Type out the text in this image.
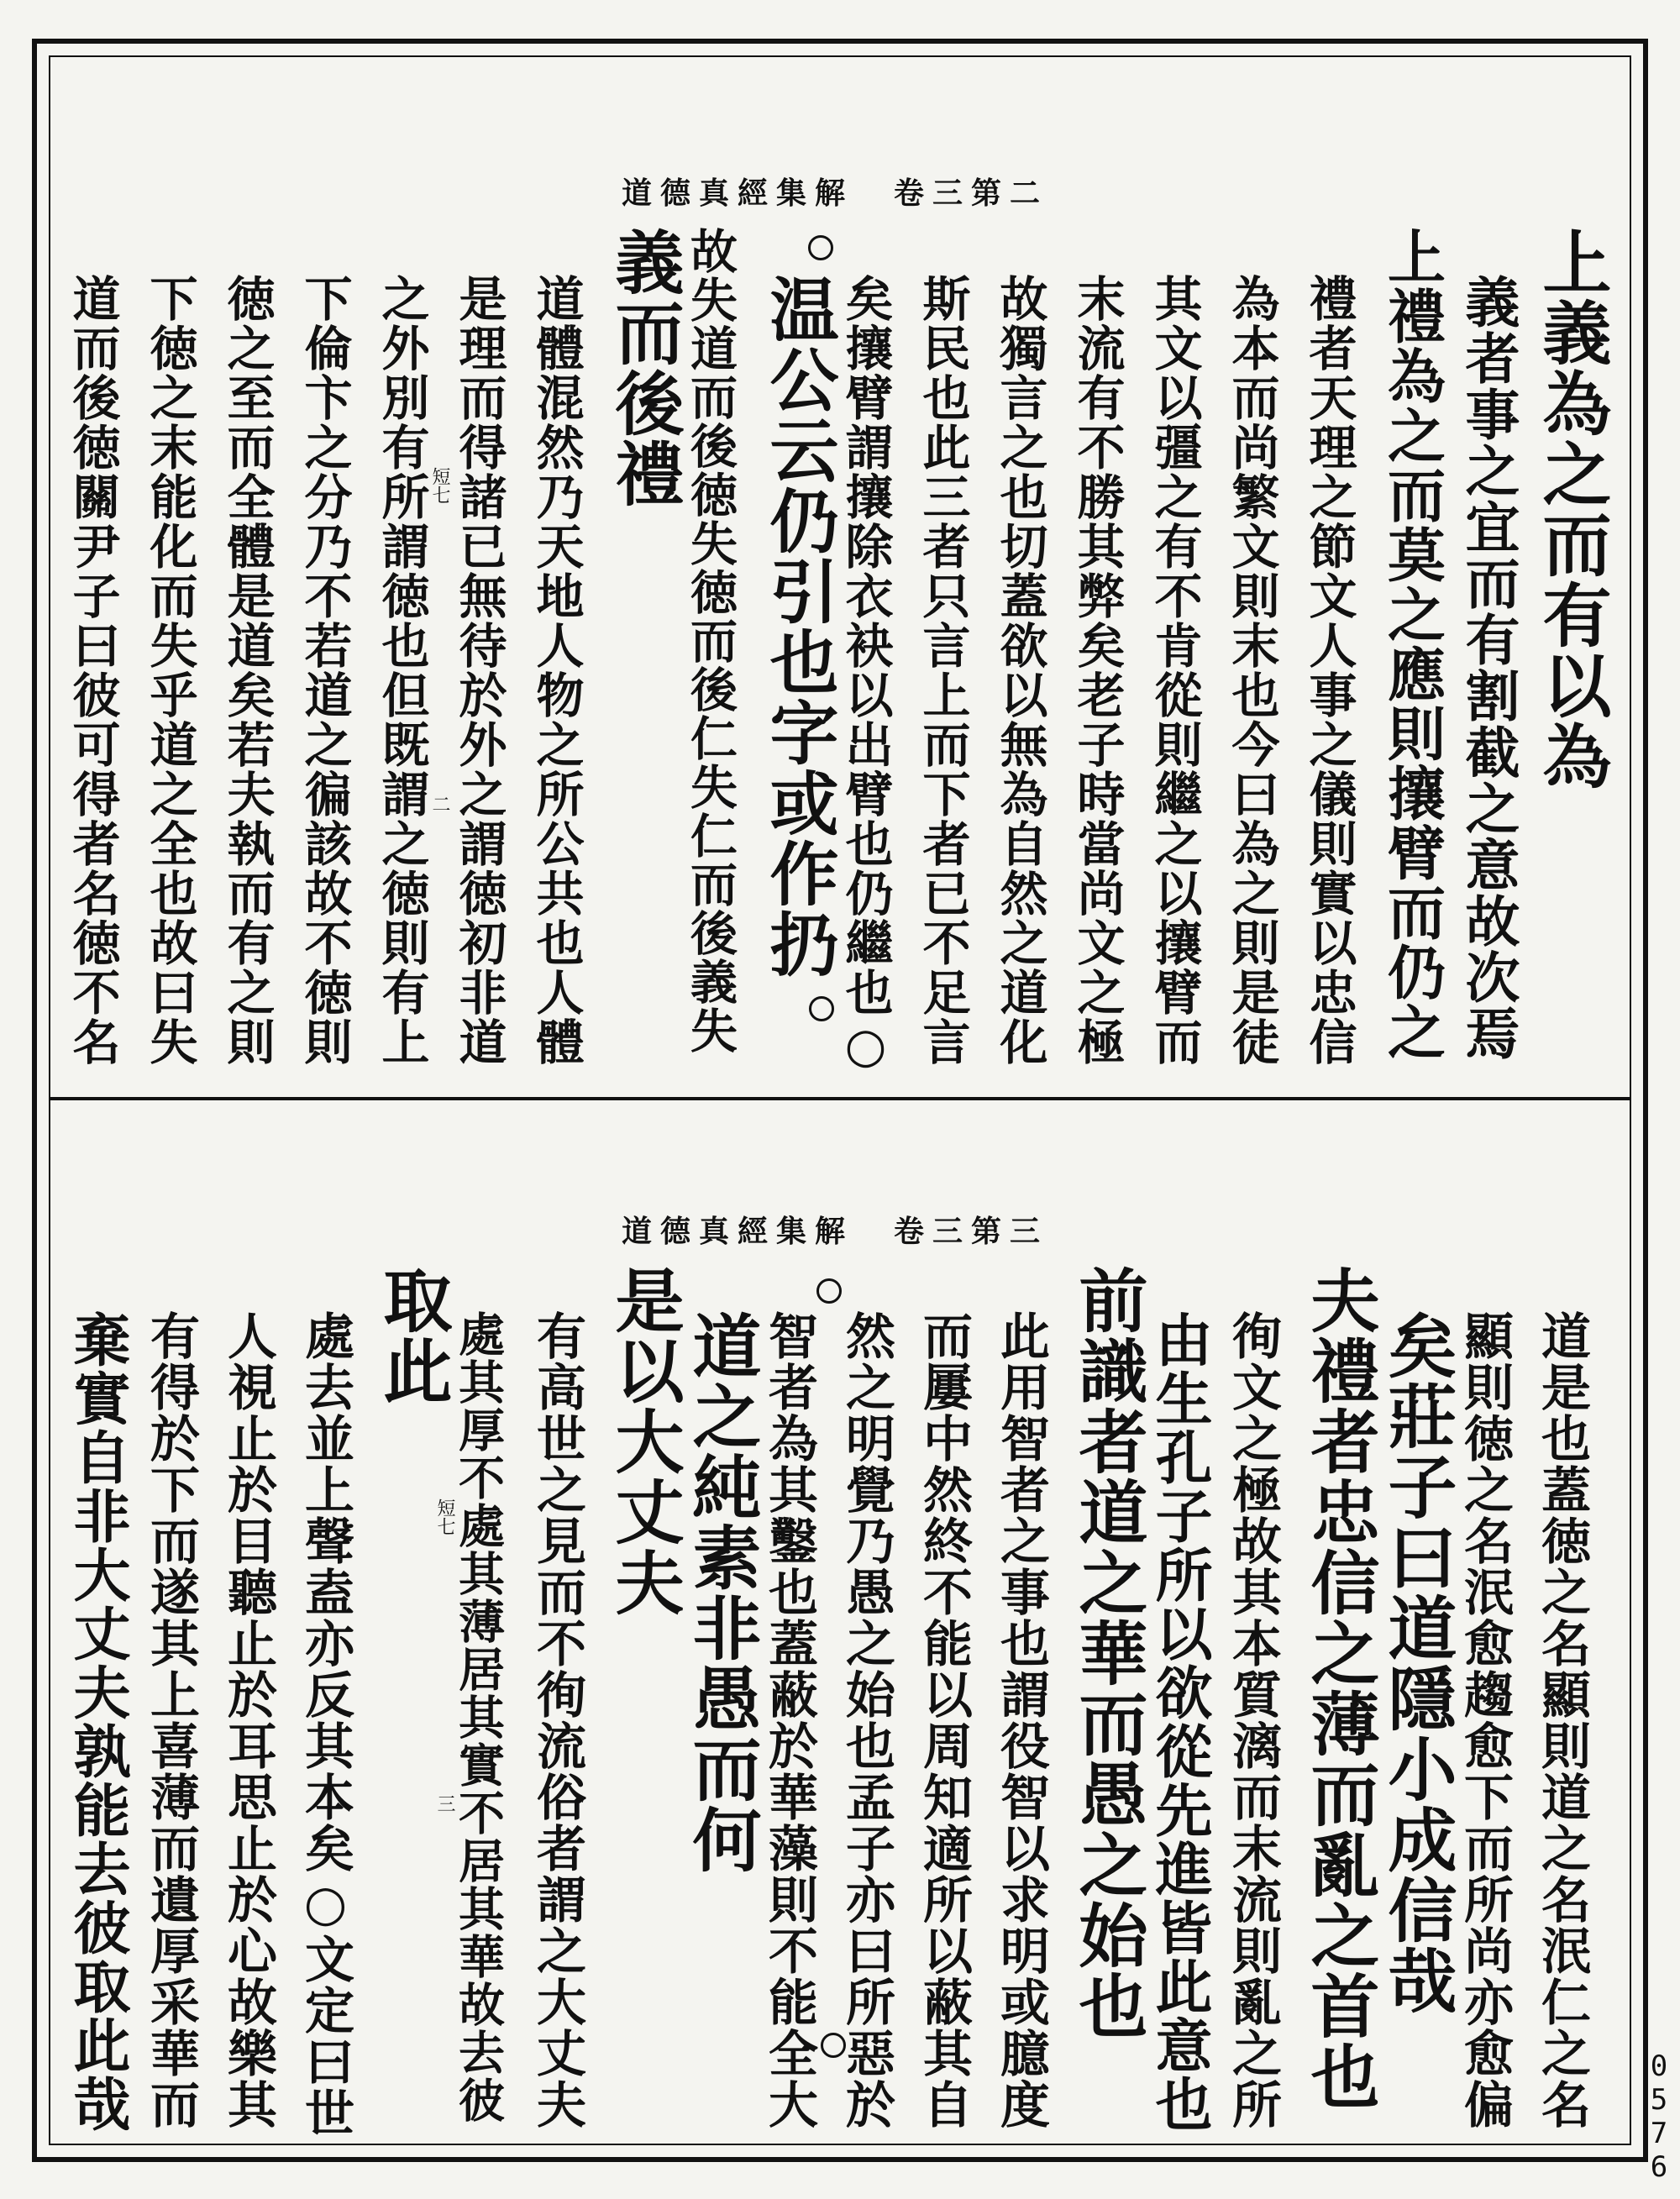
道德真經集解 卷三第二
上義為之而有以為
義者事之宜而有割截之意故次焉
上禮為之而莫之應則攘臂而仍之
禮者天理之節文人事之儀則實以忠信
為本而尚繁文則末也今曰為之則是徒
其文以彊之有不肯從則繼之以攘臂而
末流有不勝其弊矣老子時當尚文之極
故獨言之也切蓋欲以無為自然之道化
斯民也此三者只言上而下者已不足言
矣攘臂謂攘除衣袂以出臂也仍繼也○
温公云仍引也字或作扔
故失道而後徳失徳而後仁失仁而後義失
義而後禮
道體混然乃天地人物之所公共也人體
是理而得諸已無待於外之謂徳初非道
之外別有所謂徳也但既謂之徳則有上
下倫卞之分乃不若道之徧該故不徳則
徳之至而全體是道矣若夫執而有之則
下徳之末能化而失乎道之全也故曰失
道而後徳關尹子曰彼可得者名徳不名	短七
二
道德真經集解 卷三第三
道是也蓋徳之名顯則道之名泯仁之名
顯則徳之名泯愈趨愈下而所尚亦愈偏
矣莊子曰道隱小成信哉
夫禮者忠信之薄而亂之首也
徇文之極故其本質漓而末流則亂之所
由生孔子所以欲從先進皆此意也
前識者道之華而愚之始也
此用智者之事也謂役智以求明或臆度
而屢中然終不能以周知適所以蔽其自
然之明覺乃愚之始也孟子亦曰所惡於
智者為其鑿也蓋蔽於華藻則不能全大
道之純素非愚而何
是以大丈夫
有高世之見而不徇流俗者謂之大丈夫
處其厚不處其薄居其實不居其華故去彼
取此
處去並上聲盍亦反其本矣○文定曰世
人視止於目聽止於耳思止於心故樂其
有得於下而遂其上喜薄而遺厚采華而
棄實自非大丈夫孰能去彼取此哉	短七
三
0576
